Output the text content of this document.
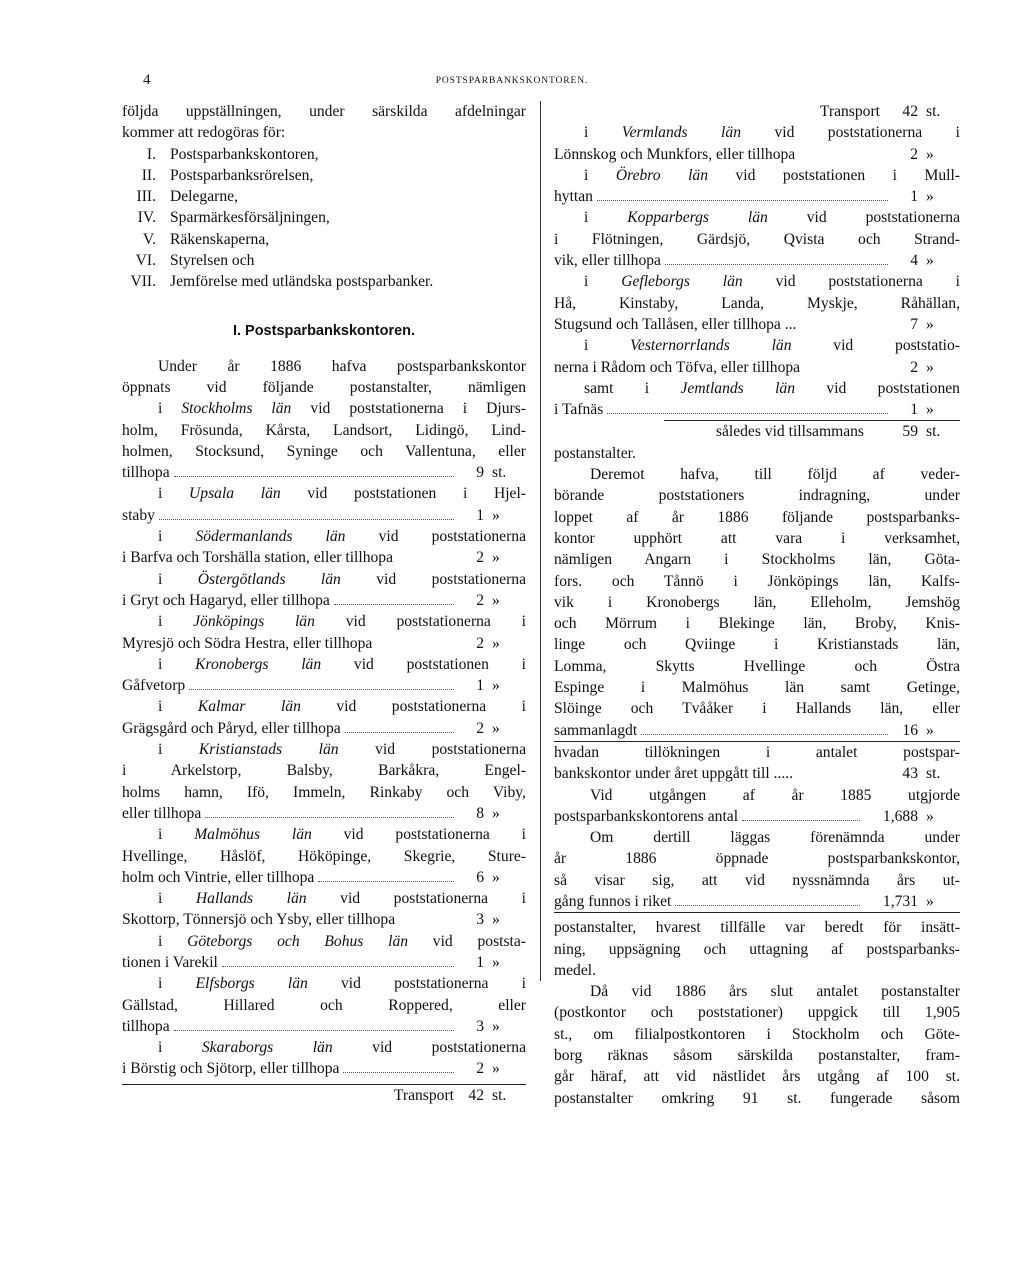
4	POSTSPARBANKSKONTOREN.
följda uppställningen, under särskilda afdelningar
kommer att redogöras för:
I. Postsparbankskontoren,
II. Postsparbanksrörelsen,
III. Delegarne,
IV. Sparmärkesförsäljningen,
V. Räkenskaperna,
VI. Styrelsen och
VII. Jemförelse med utländska postsparbanker.
I. Postsparbankskontoren.
Under år 1886 hafva postsparbankskontor
öppnats vid följande postanstalter, nämligen
i Stockholms län vid poststationerna i Djurs-
holm, Frösunda, Kårsta, Landsort, Lidingö, Lind-
holmen, Stocksund, Syninge och Vallentuna, eller
tillhopa	9 st.
i Upsala län vid poststationen i Hjel-
staby	1 »
i Södermanlands län vid poststationerna
i Barfva och Torshälla station, eller tillhopa	2 »
i Östergötlands län vid poststationerna
i Gryt och Hagaryd, eller tillhopa	2 »
i Jönköpings län vid poststationerna i
Myresjö och Södra Hestra, eller tillhopa	2 »
i Kronobergs län vid poststationen i
Gåfvetorp	1 »
i Kalmar län vid poststationerna i
Grägsgård och Påryd, eller tillhopa	2 »
i Kristianstads län vid poststationerna
i Arkelstorp, Balsby, Barkåkra, Engel-
holms hamn, Ifö, Immeln, Rinkaby och Viby,
eller tillhopa	8 »
i Malmöhus län vid poststationerna i
Hvellinge, Håslöf, Hököpinge, Skegrie, Sture-
holm och Vintrie, eller tillhopa	6 »
i Hallands län vid poststationerna i
Skottorp, Tönnersjö och Ysby, eller tillhopa	3 »
i Göteborgs och Bohus län vid poststa-
tionen i Varekil	1 »
i Elfsborgs län vid poststationerna i
Gällstad, Hillared och Roppered, eller
tillhopa	3 »
i Skaraborgs län vid poststationerna
i Börstig och Sjötorp, eller tillhopa	2 »
Transport 42 st.
Transport	42 st.
i Vermlands län vid poststationerna i
Lönnskog och Munkfors, eller tillhopa	2 »
i Örebro län vid poststationen i Mull-
hyttan	1 »
i Kopparbergs län vid poststationerna
i Flötningen, Gärdsjö, Qvista och Strand-
vik, eller tillhopa	4 »
i Gefleborgs län vid poststationerna i
Hå, Kinstaby, Landa, Myskje, Råhällan,
Stugsund och Tallåsen, eller tillhopa ...	7 »
i Vesternorrlands län vid poststatio-
nerna i Rådom och Töfva, eller tillhopa	2 »
samt i Jemtlands län vid poststationen
i Tafnäs	1 »
således vid tillsammans	59 st.
postanstalter.
Deremot hafva, till följd af veder-
börande poststationers indragning, under
loppet af år 1886 följande postsparbanks-
kontor upphört att vara i verksamhet,
nämligen Angarn i Stockholms län, Göta-
fors. och Tånnö i Jönköpings län, Kalfs-
vik i Kronobergs län, Elleholm, Jemshög
och Mörrum i Blekinge län, Broby, Knis-
linge och Qviinge i Kristianstads län,
Lomma, Skytts Hvellinge och Östra
Espinge i Malmöhus län samt Getinge,
Slöinge och Tvååker i Hallands län, eller
sammanlagdt	16 »
hvadan tillökningen i antalet postspar-
bankskontor under året uppgått till .....	43 st.
Vid utgången af år 1885 utgjorde
postsparbankskontorens antal	1,688 »
Om dertill läggas förenämnda under
år 1886 öppnade postsparbankskontor,
så visar sig, att vid nyssnämnda års ut-
gång funnos i riket	1,731 »
postanstalter, hvarest tillfälle var beredt för insätt-
ning, uppsägning och uttagning af postsparbanks-
medel.
Då vid 1886 års slut antalet postanstalter
(postkontor och poststationer) uppgick till 1,905
st., om filialpostkontoren i Stockholm och Göte-
borg räknas såsom särskilda postanstalter, fram-
går häraf, att vid nästlidet års utgång af 100 st.
postanstalter omkring 91 st. fungerade såsom
